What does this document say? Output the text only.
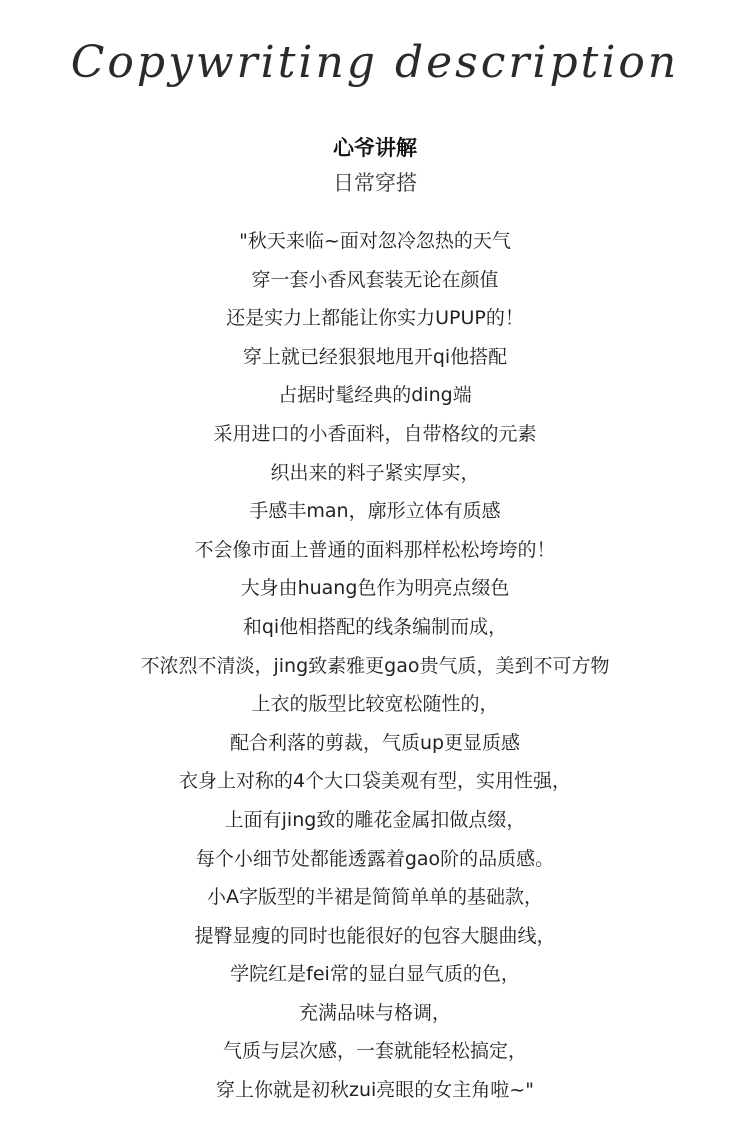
Copywriting description
心爷讲解
日常穿搭
"秋天来临~面对忽冷忽热的天气
穿一套小香风套装无论在颜值
还是实力上都能让你实力UPUP的！
穿上就已经狠狠地甩开qi他搭配
占据时髦经典的ding端
采用进口的小香面料，自带格纹的元素
织出来的料子紧实厚实，
手感丰man，廓形立体有质感
不会像市面上普通的面料那样松松垮垮的！
大身由huang色作为明亮点缀色
和qi他相搭配的线条编制而成，
不浓烈不清淡，jing致素雅更gao贵气质，美到不可方物
上衣的版型比较宽松随性的，
配合利落的剪裁，气质up更显质感
衣身上对称的4个大口袋美观有型，实用性强，
上面有jing致的雕花金属扣做点缀，
每个小细节处都能透露着gao阶的品质感。
小A字版型的半裙是简简单单的基础款，
提臀显瘦的同时也能很好的包容大腿曲线，
学院红是fei常的显白显气质的色，
充满品味与格调，
气质与层次感，一套就能轻松搞定，
穿上你就是初秋zui亮眼的女主角啦~"
